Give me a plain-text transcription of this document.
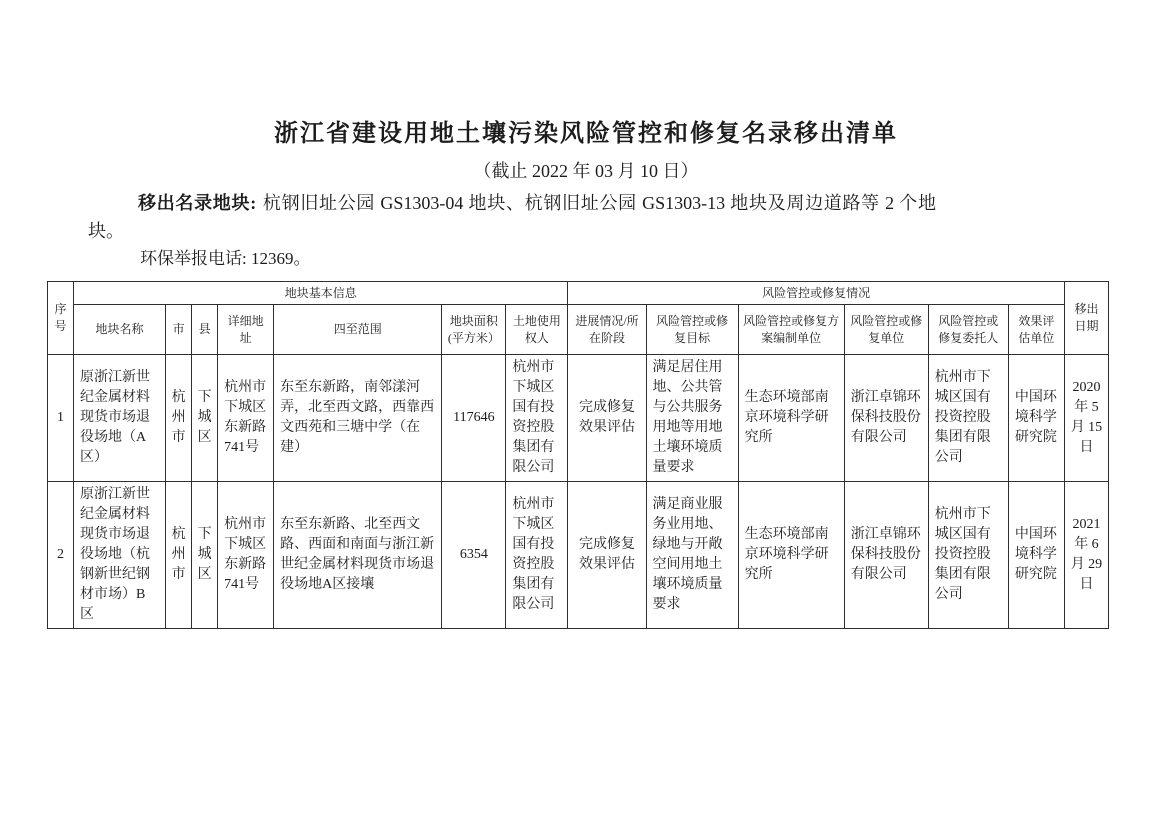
浙江省建设用地土壤污染风险管控和修复名录移出清单
（截止 2022 年 03 月 10 日）

移出名录地块: 杭钢旧址公园 GS1303-04 地块、杭钢旧址公园 GS1303-13 地块及周边道路等 2 个地块。

环保举报电话: 12369。

序号	地块基本信息							风险管控或修复情况						移出日期
	地块名称	市	县	详细地址	四至范围	地块面积(平方米）	土地使用权人	进展情况/所在阶段	风险管控或修复目标	风险管控或修复方案编制单位	风险管控或修复单位	风险管控或修复委托人	效果评估单位	
1	原浙江新世纪金属材料现货市场退役场地（A区）	杭州市	下城区	杭州市下城区东新路741号	东至东新路，南邻漾河弄，北至西文路，西靠西文西苑和三塘中学（在建）	117646	杭州市下城区国有投资控股集团有限公司	完成修复效果评估	满足居住用地、公共管与公共服务用地等用地土壤环境质量要求	生态环境部南京环境科学研究所	浙江卓锦环保科技股份有限公司	杭州市下城区国有投资控股集团有限公司	中国环境科学研究院	2020 年 5 月 15 日
2	原浙江新世纪金属材料现货市场退役场地（杭钢新世纪钢材市场）B区	杭州市	下城区	杭州市下城区东新路741号	东至东新路、北至西文路、西面和南面与浙江新世纪金属材料现货市场退役场地A区接壤	6354	杭州市下城区国有投资控股集团有限公司	完成修复效果评估	满足商业服务业用地、绿地与开敞空间用地土壤环境质量要求	生态环境部南京环境科学研究所	浙江卓锦环保科技股份有限公司	杭州市下城区国有投资控股集团有限公司	中国环境科学研究院	2021 年 6 月 29 日
